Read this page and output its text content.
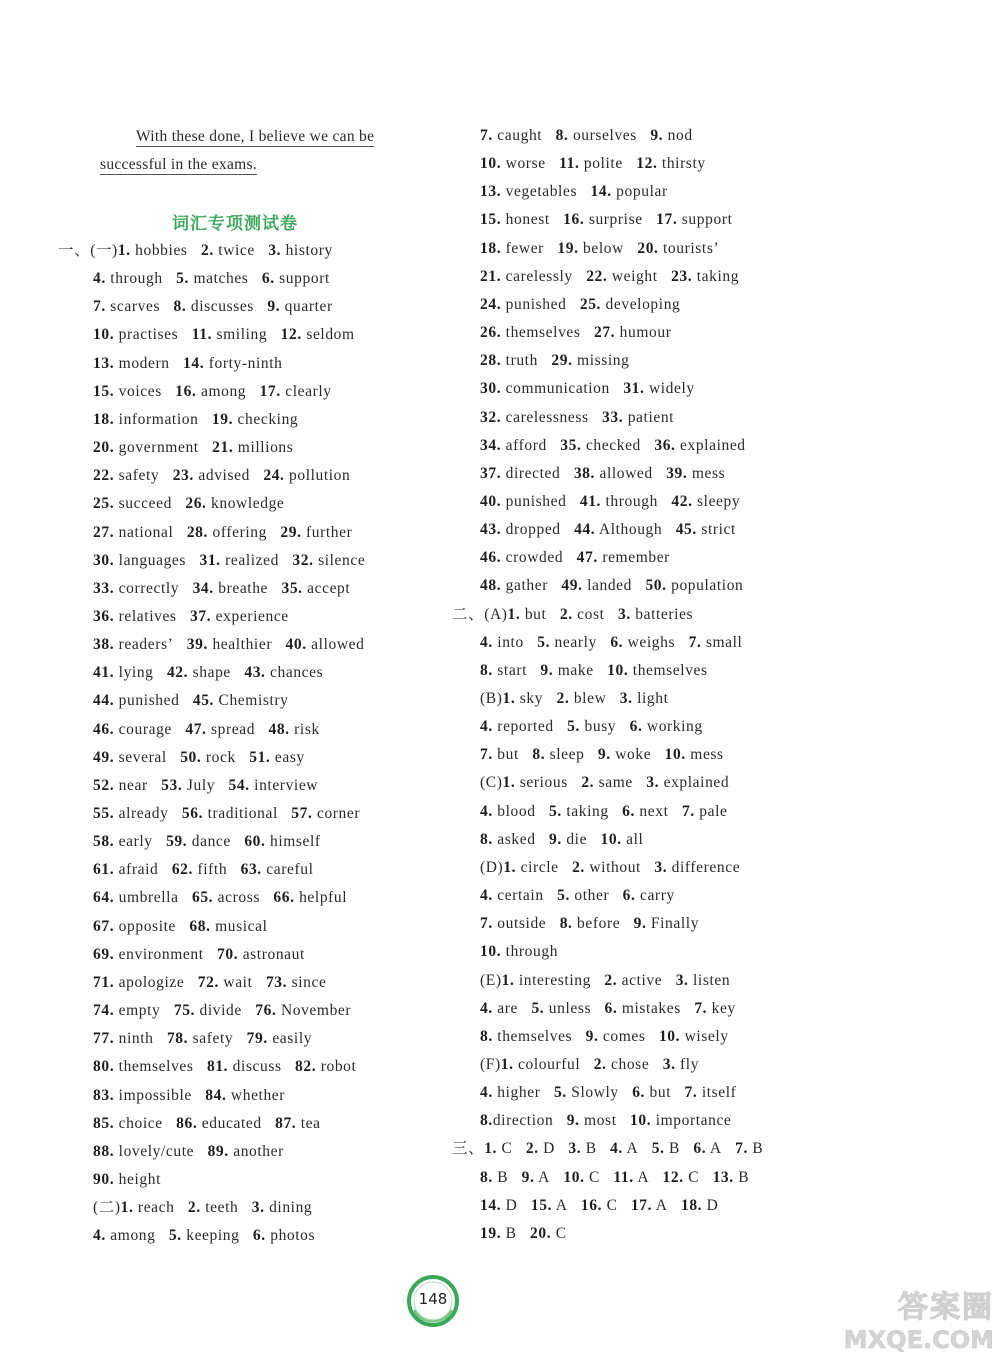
With these done, I believe we can be
successful in the exams.
词汇专项测试卷
一、(一)1. hobbies   2. twice   3. history
4. through   5. matches   6. support
7. scarves   8. discusses   9. quarter
10. practises   11. smiling   12. seldom
13. modern   14. forty-ninth
15. voices   16. among   17. clearly
18. information   19. checking
20. government   21. millions
22. safety   23. advised   24. pollution
25. succeed   26. knowledge
27. national   28. offering   29. further
30. languages   31. realized   32. silence
33. correctly   34. breathe   35. accept
36. relatives   37. experience
38. readers’   39. healthier   40. allowed
41. lying   42. shape   43. chances
44. punished   45. Chemistry
46. courage   47. spread   48. risk
49. several   50. rock   51. easy
52. near   53. July   54. interview
55. already   56. traditional   57. corner
58. early   59. dance   60. himself
61. afraid   62. fifth   63. careful
64. umbrella   65. across   66. helpful
67. opposite   68. musical
69. environment   70. astronaut
71. apologize   72. wait   73. since
74. empty   75. divide   76. November
77. ninth   78. safety   79. easily
80. themselves   81. discuss   82. robot
83. impossible   84. whether
85. choice   86. educated   87. tea
88. lovely/cute   89. another
90. height
(二)1. reach   2. teeth   3. dining
4. among   5. keeping   6. photos
7. caught   8. ourselves   9. nod
10. worse   11. polite   12. thirsty
13. vegetables   14. popular
15. honest   16. surprise   17. support
18. fewer   19. below   20. tourists’
21. carelessly   22. weight   23. taking
24. punished   25. developing
26. themselves   27. humour
28. truth   29. missing
30. communication   31. widely
32. carelessness   33. patient
34. afford   35. checked   36. explained
37. directed   38. allowed   39. mess
40. punished   41. through   42. sleepy
43. dropped   44. Although   45. strict
46. crowded   47. remember
48. gather   49. landed   50. population
二、(A)1. but   2. cost   3. batteries
4. into   5. nearly   6. weighs   7. small
8. start   9. make   10. themselves
(B)1. sky   2. blew   3. light
4. reported   5. busy   6. working
7. but   8. sleep   9. woke   10. mess
(C)1. serious   2. same   3. explained
4. blood   5. taking   6. next   7. pale
8. asked   9. die   10. all
(D)1. circle   2. without   3. difference
4. certain   5. other   6. carry
7. outside   8. before   9. Finally
10. through
(E)1. interesting   2. active   3. listen
4. are   5. unless   6. mistakes   7. key
8. themselves   9. comes   10. wisely
(F)1. colourful   2. chose   3. fly
4. higher   5. Slowly   6. but   7. itself
8.direction   9. most   10. importance
三、1. C   2. D   3. B   4. A   5. B   6. A   7. B
8. B   9. A   10. C   11. A   12. C   13. B
14. D   15. A   16. C   17. A   18. D
19. B   20. C
148	答案圈
MXQE.COM
